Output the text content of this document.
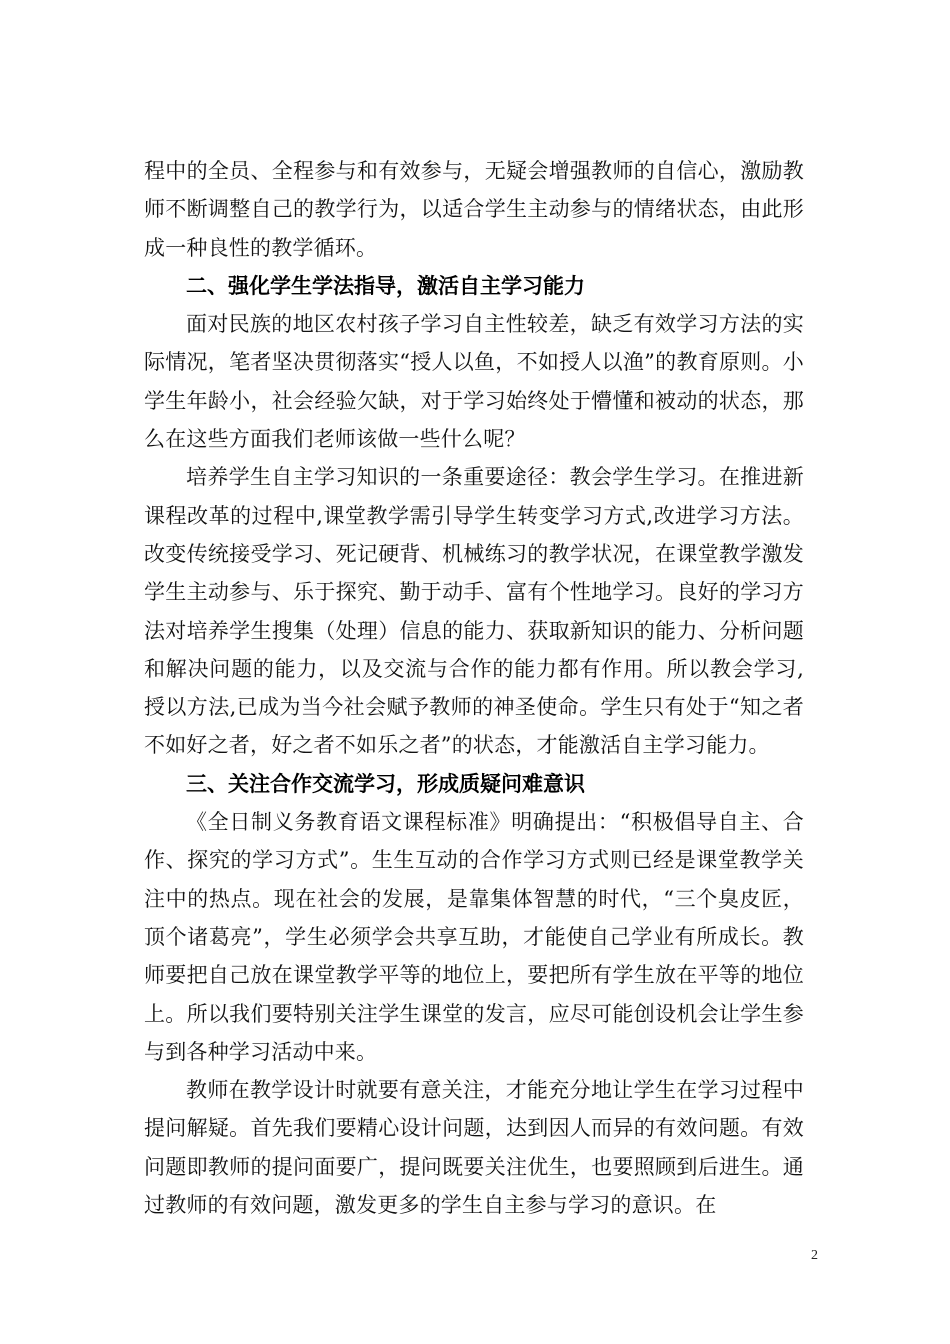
程中的全员、全程参与和有效参与，无疑会增强教师的自信心，激励教师不断调整自己的教学行为，以适合学生主动参与的情绪状态，由此形成一种良性的教学循环。

二、强化学生学法指导，激活自主学习能力

面对民族的地区农村孩子学习自主性较差，缺乏有效学习方法的实际情况，笔者坚决贯彻落实“授人以鱼，不如授人以渔”的教育原则。小学生年龄小，社会经验欠缺，对于学习始终处于懵懂和被动的状态，那么在这些方面我们老师该做一些什么呢？

培养学生自主学习知识的一条重要途径：教会学生学习。在推进新课程改革的过程中,课堂教学需引导学生转变学习方式,改进学习方法。改变传统接受学习、死记硬背、机械练习的教学状况，在课堂教学激发学生主动参与、乐于探究、勤于动手、富有个性地学习。良好的学习方法对培养学生搜集（处理）信息的能力、获取新知识的能力、分析问题和解决问题的能力，以及交流与合作的能力都有作用。所以教会学习,授以方法,已成为当今社会赋予教师的神圣使命。学生只有处于“知之者不如好之者，好之者不如乐之者”的状态，才能激活自主学习能力。

三、关注合作交流学习，形成质疑问难意识

《全日制义务教育语文课程标准》明确提出：“积极倡导自主、合作、探究的学习方式”。生生互动的合作学习方式则已经是课堂教学关注中的热点。现在社会的发展，是靠集体智慧的时代，“三个臭皮匠，顶个诸葛亮”，学生必须学会共享互助，才能使自己学业有所成长。教师要把自己放在课堂教学平等的地位上，要把所有学生放在平等的地位上。所以我们要特别关注学生课堂的发言，应尽可能创设机会让学生参与到各种学习活动中来。

教师在教学设计时就要有意关注，才能充分地让学生在学习过程中提问解疑。首先我们要精心设计问题，达到因人而异的有效问题。有效问题即教师的提问面要广，提问既要关注优生，也要照顾到后进生。通过教师的有效问题，激发更多的学生自主参与学习的意识。在

2
